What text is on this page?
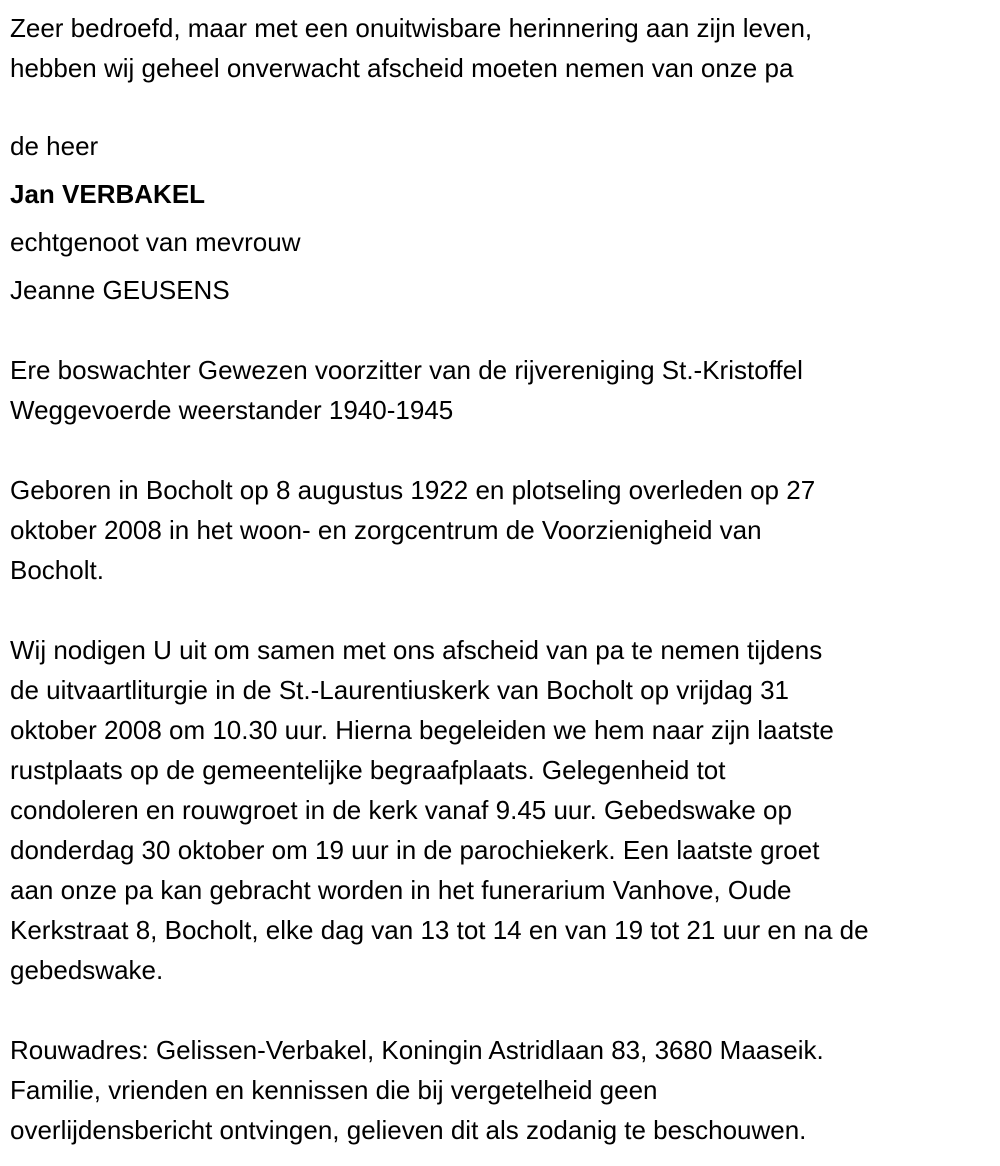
Zeer bedroefd, maar met een onuitwisbare herinnering aan zijn leven,
hebben wij geheel onverwacht afscheid moeten nemen van onze pa
de heer
Jan VERBAKEL
echtgenoot van mevrouw
Jeanne GEUSENS
Ere boswachter Gewezen voorzitter van de rijvereniging St.-Kristoffel
Weggevoerde weerstander 1940-1945
Geboren in Bocholt op 8 augustus 1922 en plotseling overleden op 27
oktober 2008 in het woon- en zorgcentrum de Voorzienigheid van
Bocholt.
Wij nodigen U uit om samen met ons afscheid van pa te nemen tijdens
de uitvaartliturgie in de St.-Laurentiuskerk van Bocholt op vrijdag 31
oktober 2008 om 10.30 uur. Hierna begeleiden we hem naar zijn laatste
rustplaats op de gemeentelijke begraafplaats. Gelegenheid tot
condoleren en rouwgroet in de kerk vanaf 9.45 uur. Gebedswake op
donderdag 30 oktober om 19 uur in de parochiekerk. Een laatste groet
aan onze pa kan gebracht worden in het funerarium Vanhove, Oude
Kerkstraat 8, Bocholt, elke dag van 13 tot 14 en van 19 tot 21 uur en na de
gebedswake.
Rouwadres: Gelissen-Verbakel, Koningin Astridlaan 83, 3680 Maaseik.
Familie, vrienden en kennissen die bij vergetelheid geen
overlijdensbericht ontvingen, gelieven dit als zodanig te beschouwen.
